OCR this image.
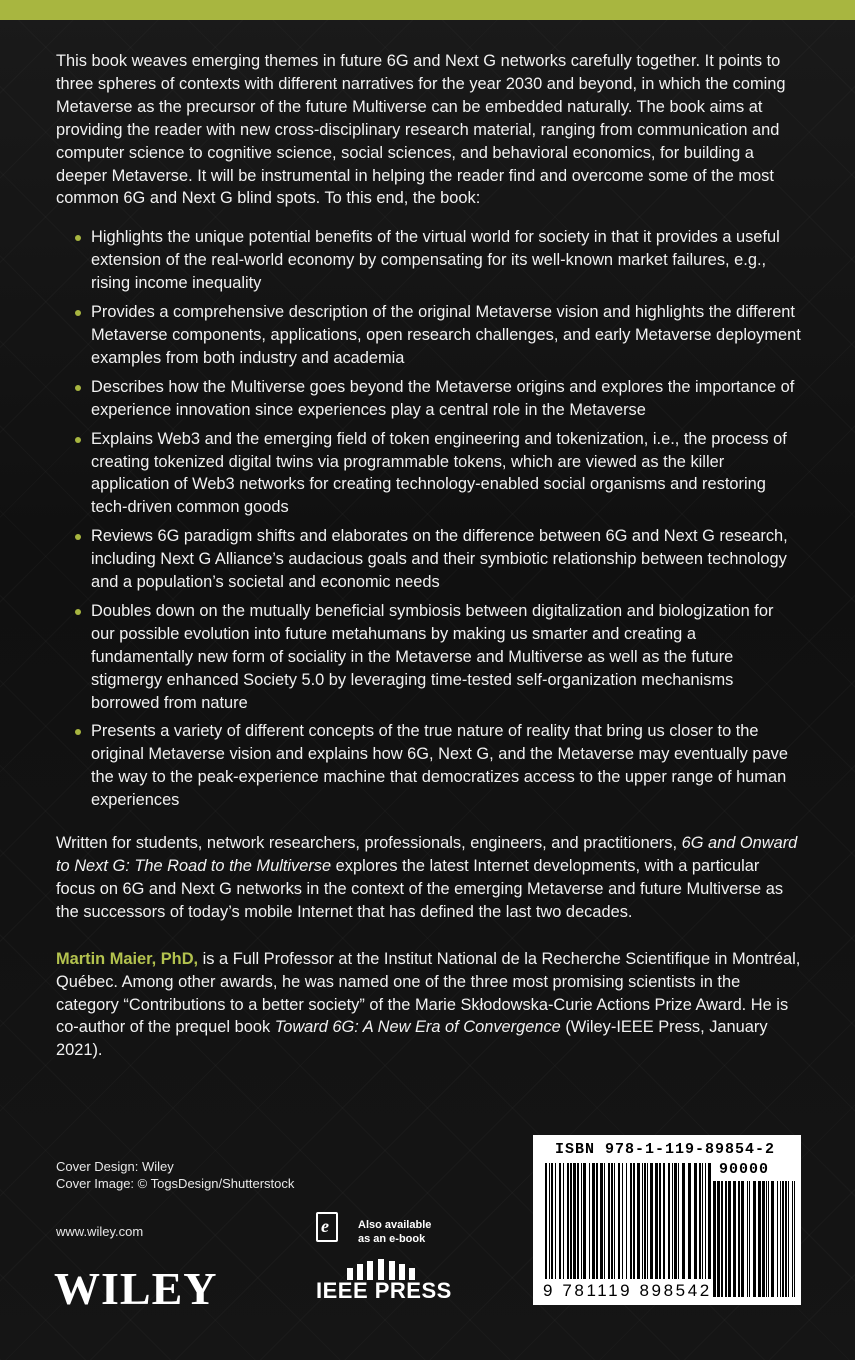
This book weaves emerging themes in future 6G and Next G networks carefully together. It points to three spheres of contexts with different narratives for the year 2030 and beyond, in which the coming Metaverse as the precursor of the future Multiverse can be embedded naturally. The book aims at providing the reader with new cross-disciplinary research material, ranging from communication and computer science to cognitive science, social sciences, and behavioral economics, for building a deeper Metaverse. It will be instrumental in helping the reader find and overcome some of the most common 6G and Next G blind spots. To this end, the book:

Highlights the unique potential benefits of the virtual world for society in that it provides a useful extension of the real-world economy by compensating for its well-known market failures, e.g., rising income inequality
Provides a comprehensive description of the original Metaverse vision and highlights the different Metaverse components, applications, open research challenges, and early Metaverse deployment examples from both industry and academia
Describes how the Multiverse goes beyond the Metaverse origins and explores the importance of experience innovation since experiences play a central role in the Metaverse
Explains Web3 and the emerging field of token engineering and tokenization, i.e., the process of creating tokenized digital twins via programmable tokens, which are viewed as the killer application of Web3 networks for creating technology-enabled social organisms and restoring tech-driven common goods
Reviews 6G paradigm shifts and elaborates on the difference between 6G and Next G research, including Next G Alliance’s audacious goals and their symbiotic relationship between technology and a population’s societal and economic needs
Doubles down on the mutually beneficial symbiosis between digitalization and biologization for our possible evolution into future metahumans by making us smarter and creating a fundamentally new form of sociality in the Metaverse and Multiverse as well as the future stigmergy enhanced Society 5.0 by leveraging time-tested self-organization mechanisms borrowed from nature
Presents a variety of different concepts of the true nature of reality that bring us closer to the original Metaverse vision and explains how 6G, Next G, and the Metaverse may eventually pave the way to the peak-experience machine that democratizes access to the upper range of human experiences

Written for students, network researchers, professionals, engineers, and practitioners, 6G and Onward to Next G: The Road to the Multiverse explores the latest Internet developments, with a particular focus on 6G and Next G networks in the context of the emerging Metaverse and future Multiverse as the successors of today’s mobile Internet that has defined the last two decades.

Martin Maier, PhD, is a Full Professor at the Institut National de la Recherche Scientifique in Montréal, Québec. Among other awards, he was named one of the three most promising scientists in the category “Contributions to a better society” of the Marie Skłodowska-Curie Actions Prize Award. He is co-author of the prequel book Toward 6G: A New Era of Convergence (Wiley-IEEE Press, January 2021).

Cover Design: Wiley
Cover Image: © TogsDesign/Shutterstock
www.wiley.com
WILEY
e	Also available
as an e-book
IEEE PRESS
ISBN 978-1-119-89854-2
90000
9 781119 898542
